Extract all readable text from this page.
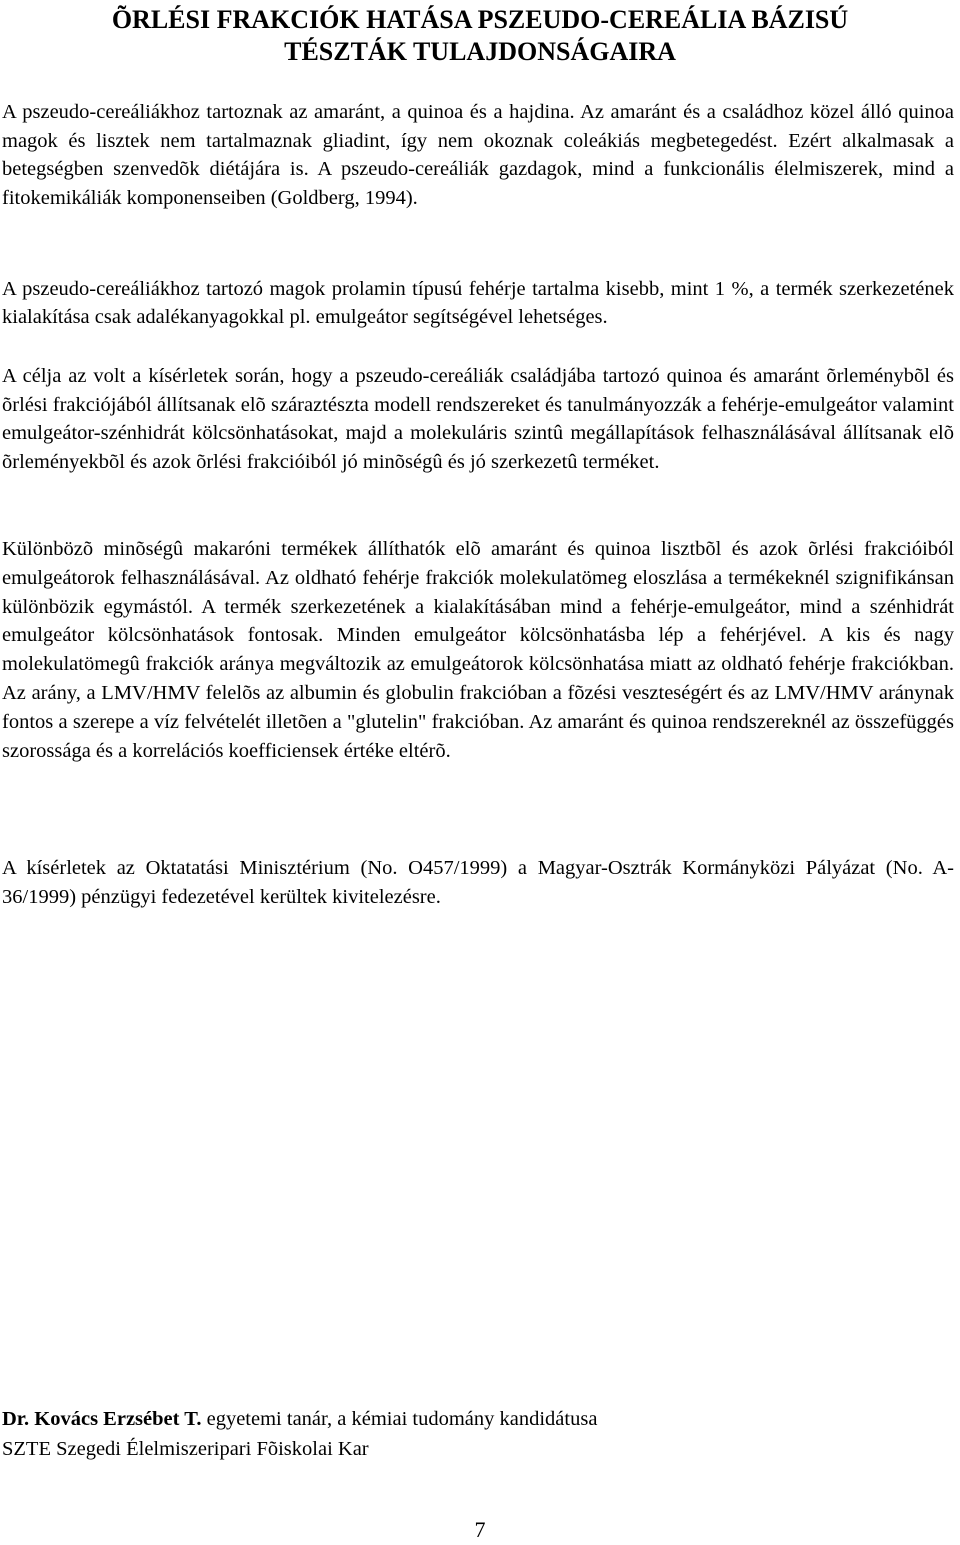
ÕRLÉSI FRAKCIÓK HATÁSA PSZEUDO-CEREÁLIA BÁZISÚ
TÉSZTÁK TULAJDONSÁGAIRA

A pszeudo-cereáliákhoz tartoznak az amaránt, a quinoa és a hajdina. Az amaránt és a családhoz közel álló quinoa magok és lisztek nem tartalmaznak gliadint, így nem okoznak coleákiás megbetegedést. Ezért alkalmasak a betegségben szenvedõk diétájára is. A pszeudo-cereáliák gazdagok, mind a funkcionális élelmiszerek, mind a fitokemikáliák komponenseiben (Goldberg, 1994).

A pszeudo-cereáliákhoz tartozó magok prolamin típusú fehérje tartalma kisebb, mint 1 %, a termék szerkezetének kialakítása csak adalékanyagokkal pl. emulgeátor segítségével lehetséges.

A célja az volt a kísérletek során, hogy a pszeudo-cereáliák családjába tartozó quinoa és amaránt õrleménybõl és õrlési frakciójából állítsanak elõ száraztészta modell rendszereket és tanulmányozzák a fehérje-emulgeátor valamint emulgeátor-szénhidrát kölcsönhatásokat, majd a molekuláris szintû megállapítások felhasználásával állítsanak elõ õrleményekbõl és azok õrlési frakcióiból jó minõségû és jó szerkezetû terméket.

Különbözõ minõségû makaróni termékek állíthatók elõ amaránt és quinoa lisztbõl és azok õrlési frakcióiból emulgeátorok felhasználásával. Az oldható fehérje frakciók molekulatömeg eloszlása a termékeknél szignifikánsan különbözik egymástól. A termék szerkezetének a kialakításában mind a fehérje-emulgeátor, mind a szénhidrát emulgeátor kölcsönhatások fontosak. Minden emulgeátor kölcsönhatásba lép a fehérjével. A kis és nagy molekulatömegû frakciók aránya megváltozik az emulgeátorok kölcsönhatása miatt az oldható fehérje frakciókban. Az arány, a LMV/HMV felelõs az albumin és globulin frakcióban a fõzési veszteségért és az LMV/HMV aránynak fontos a szerepe a víz felvételét illetõen a "glutelin" frakcióban. Az amaránt és quinoa rendszereknél az összefüggés szorossága és a korrelációs koefficiensek értéke eltérõ.

A kísérletek az Oktatatási Minisztérium (No. O457/1999) a Magyar-Osztrák Kormányközi Pályázat (No. A-36/1999) pénzügyi fedezetével kerültek kivitelezésre.

Dr. Kovács Erzsébet T. egyetemi tanár, a kémiai tudomány kandidátusa
SZTE Szegedi Élelmiszeripari Fõiskolai Kar
7
